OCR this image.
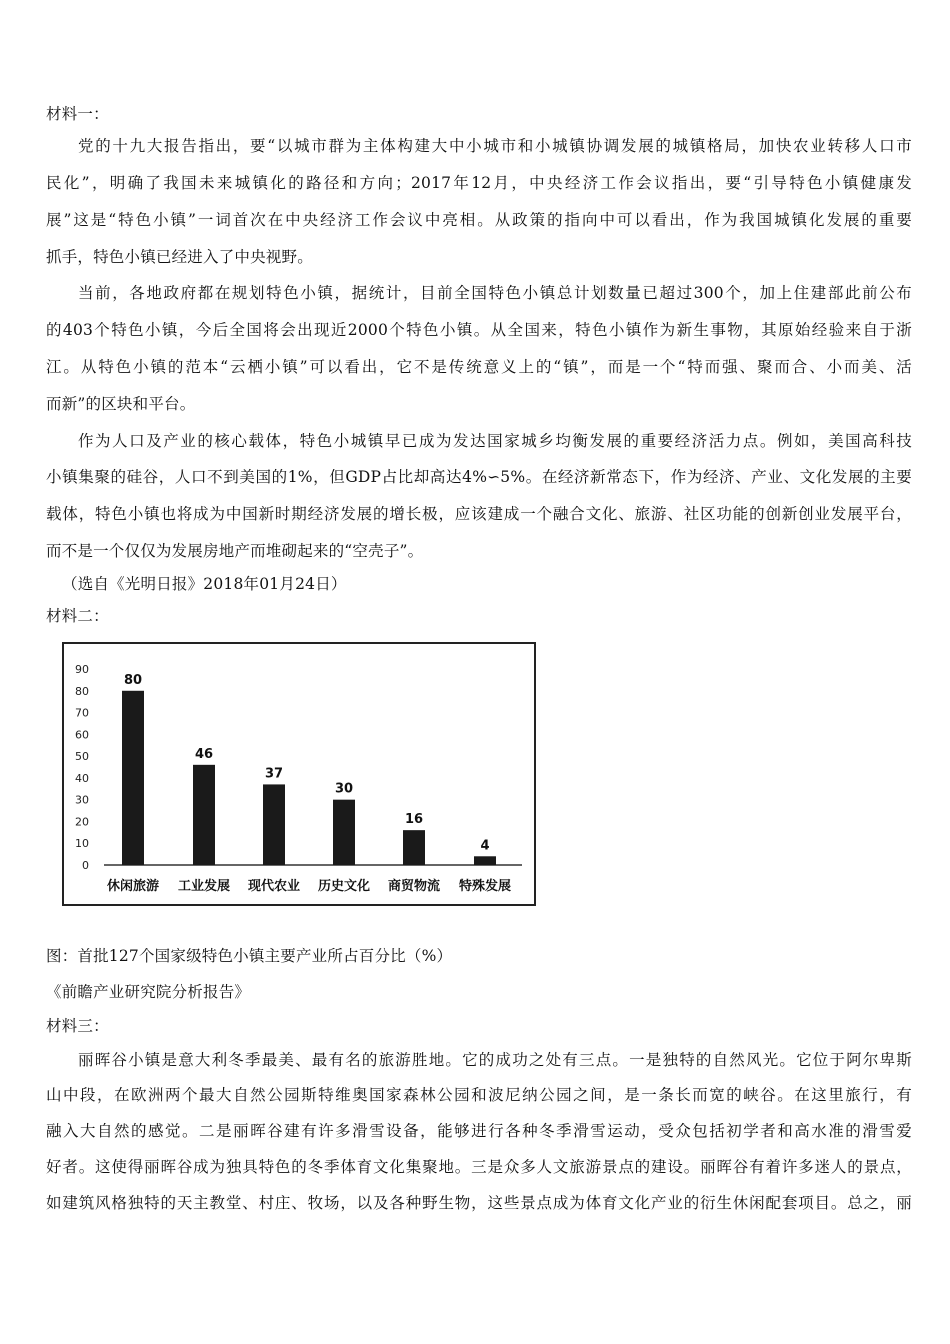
材料一：
党的十九大报告指出，要“以城市群为主体构建大中小城市和小城镇协调发展的城镇格局，加快农业转移人口市
民化”，明确了我国未来城镇化的路径和方向；2017年12月，中央经济工作会议指出，要“引导特色小镇健康发
展”这是“特色小镇”一词首次在中央经济工作会议中亮相。从政策的指向中可以看出，作为我国城镇化发展的重要
抓手，特色小镇已经进入了中央视野。
当前，各地政府都在规划特色小镇，据统计，目前全国特色小镇总计划数量已超过300个，加上住建部此前公布
的403个特色小镇，今后全国将会出现近2000个特色小镇。从全国来，特色小镇作为新生事物，其原始经验来自于浙
江。从特色小镇的范本“云栖小镇”可以看出，它不是传统意义上的“镇”，而是一个“特而强、聚而合、小而美、活
而新”的区块和平台。
作为人口及产业的核心载体，特色小城镇早已成为发达国家城乡均衡发展的重要经济活力点。例如，美国高科技
小镇集聚的硅谷，人口不到美国的1%，但GDP占比却高达4%∽5%。在经济新常态下，作为经济、产业、文化发展的主要
载体，特色小镇也将成为中国新时期经济发展的增长极，应该建成一个融合文化、旅游、社区功能的创新创业发展平台，
而不是一个仅仅为发展房地产而堆砌起来的“空壳子”。
（选自《光明日报》2018年01月24日）
材料二：
0
10
20
30
40
50
60
70
80
90
80
休闲旅游
46
工业发展
37
现代农业
30
历史文化
16
商贸物流
4
特殊发展
图：首批127个国家级特色小镇主要产业所占百分比（%）
《前瞻产业研究院分析报告》
材料三：
丽晖谷小镇是意大利冬季最美、最有名的旅游胜地。它的成功之处有三点。一是独特的自然风光。它位于阿尔卑斯
山中段，在欧洲两个最大自然公园斯特维奥国家森林公园和波尼纳公园之间，是一条长而宽的峡谷。在这里旅行，有
融入大自然的感觉。二是丽晖谷建有许多滑雪设备，能够进行各种冬季滑雪运动，受众包括初学者和高水准的滑雪爱
好者。这使得丽晖谷成为独具特色的冬季体育文化集聚地。三是众多人文旅游景点的建设。丽晖谷有着许多迷人的景点，
如建筑风格独特的天主教堂、村庄、牧场，以及各种野生物，这些景点成为体育文化产业的衍生休闲配套项目。总之，丽
